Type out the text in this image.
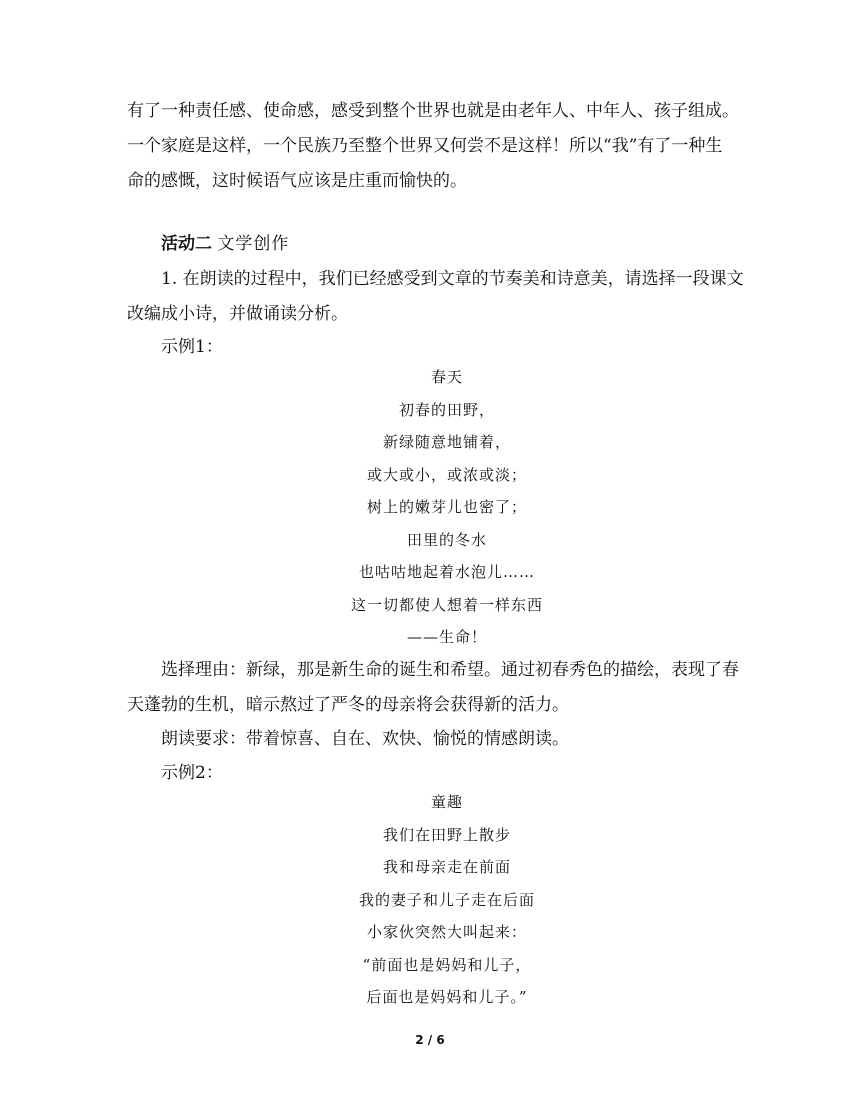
有了一种责任感、使命感，感受到整个世界也就是由老年人、中年人、孩子组成。
一个家庭是这样，一个民族乃至整个世界又何尝不是这样！所以“我”有了一种生
命的感慨，这时候语气应该是庄重而愉快的。
活动二 文学创作
1. 在朗读的过程中，我们已经感受到文章的节奏美和诗意美，请选择一段课文
改编成小诗，并做诵读分析。
示例1：
春天
初春的田野，
新绿随意地铺着，
或大或小，或浓或淡；
树上的嫩芽儿也密了；
田里的冬水
也咕咕地起着水泡儿……
这一切都使人想着一样东西
——生命！
选择理由：新绿，那是新生命的诞生和希望。通过初春秀色的描绘，表现了春
天蓬勃的生机，暗示熬过了严冬的母亲将会获得新的活力。
朗读要求：带着惊喜、自在、欢快、愉悦的情感朗读。
示例2：
童趣
我们在田野上散步
我和母亲走在前面
我的妻子和儿子走在后面
小家伙突然大叫起来：
“前面也是妈妈和儿子，
后面也是妈妈和儿子。”
2 / 6
